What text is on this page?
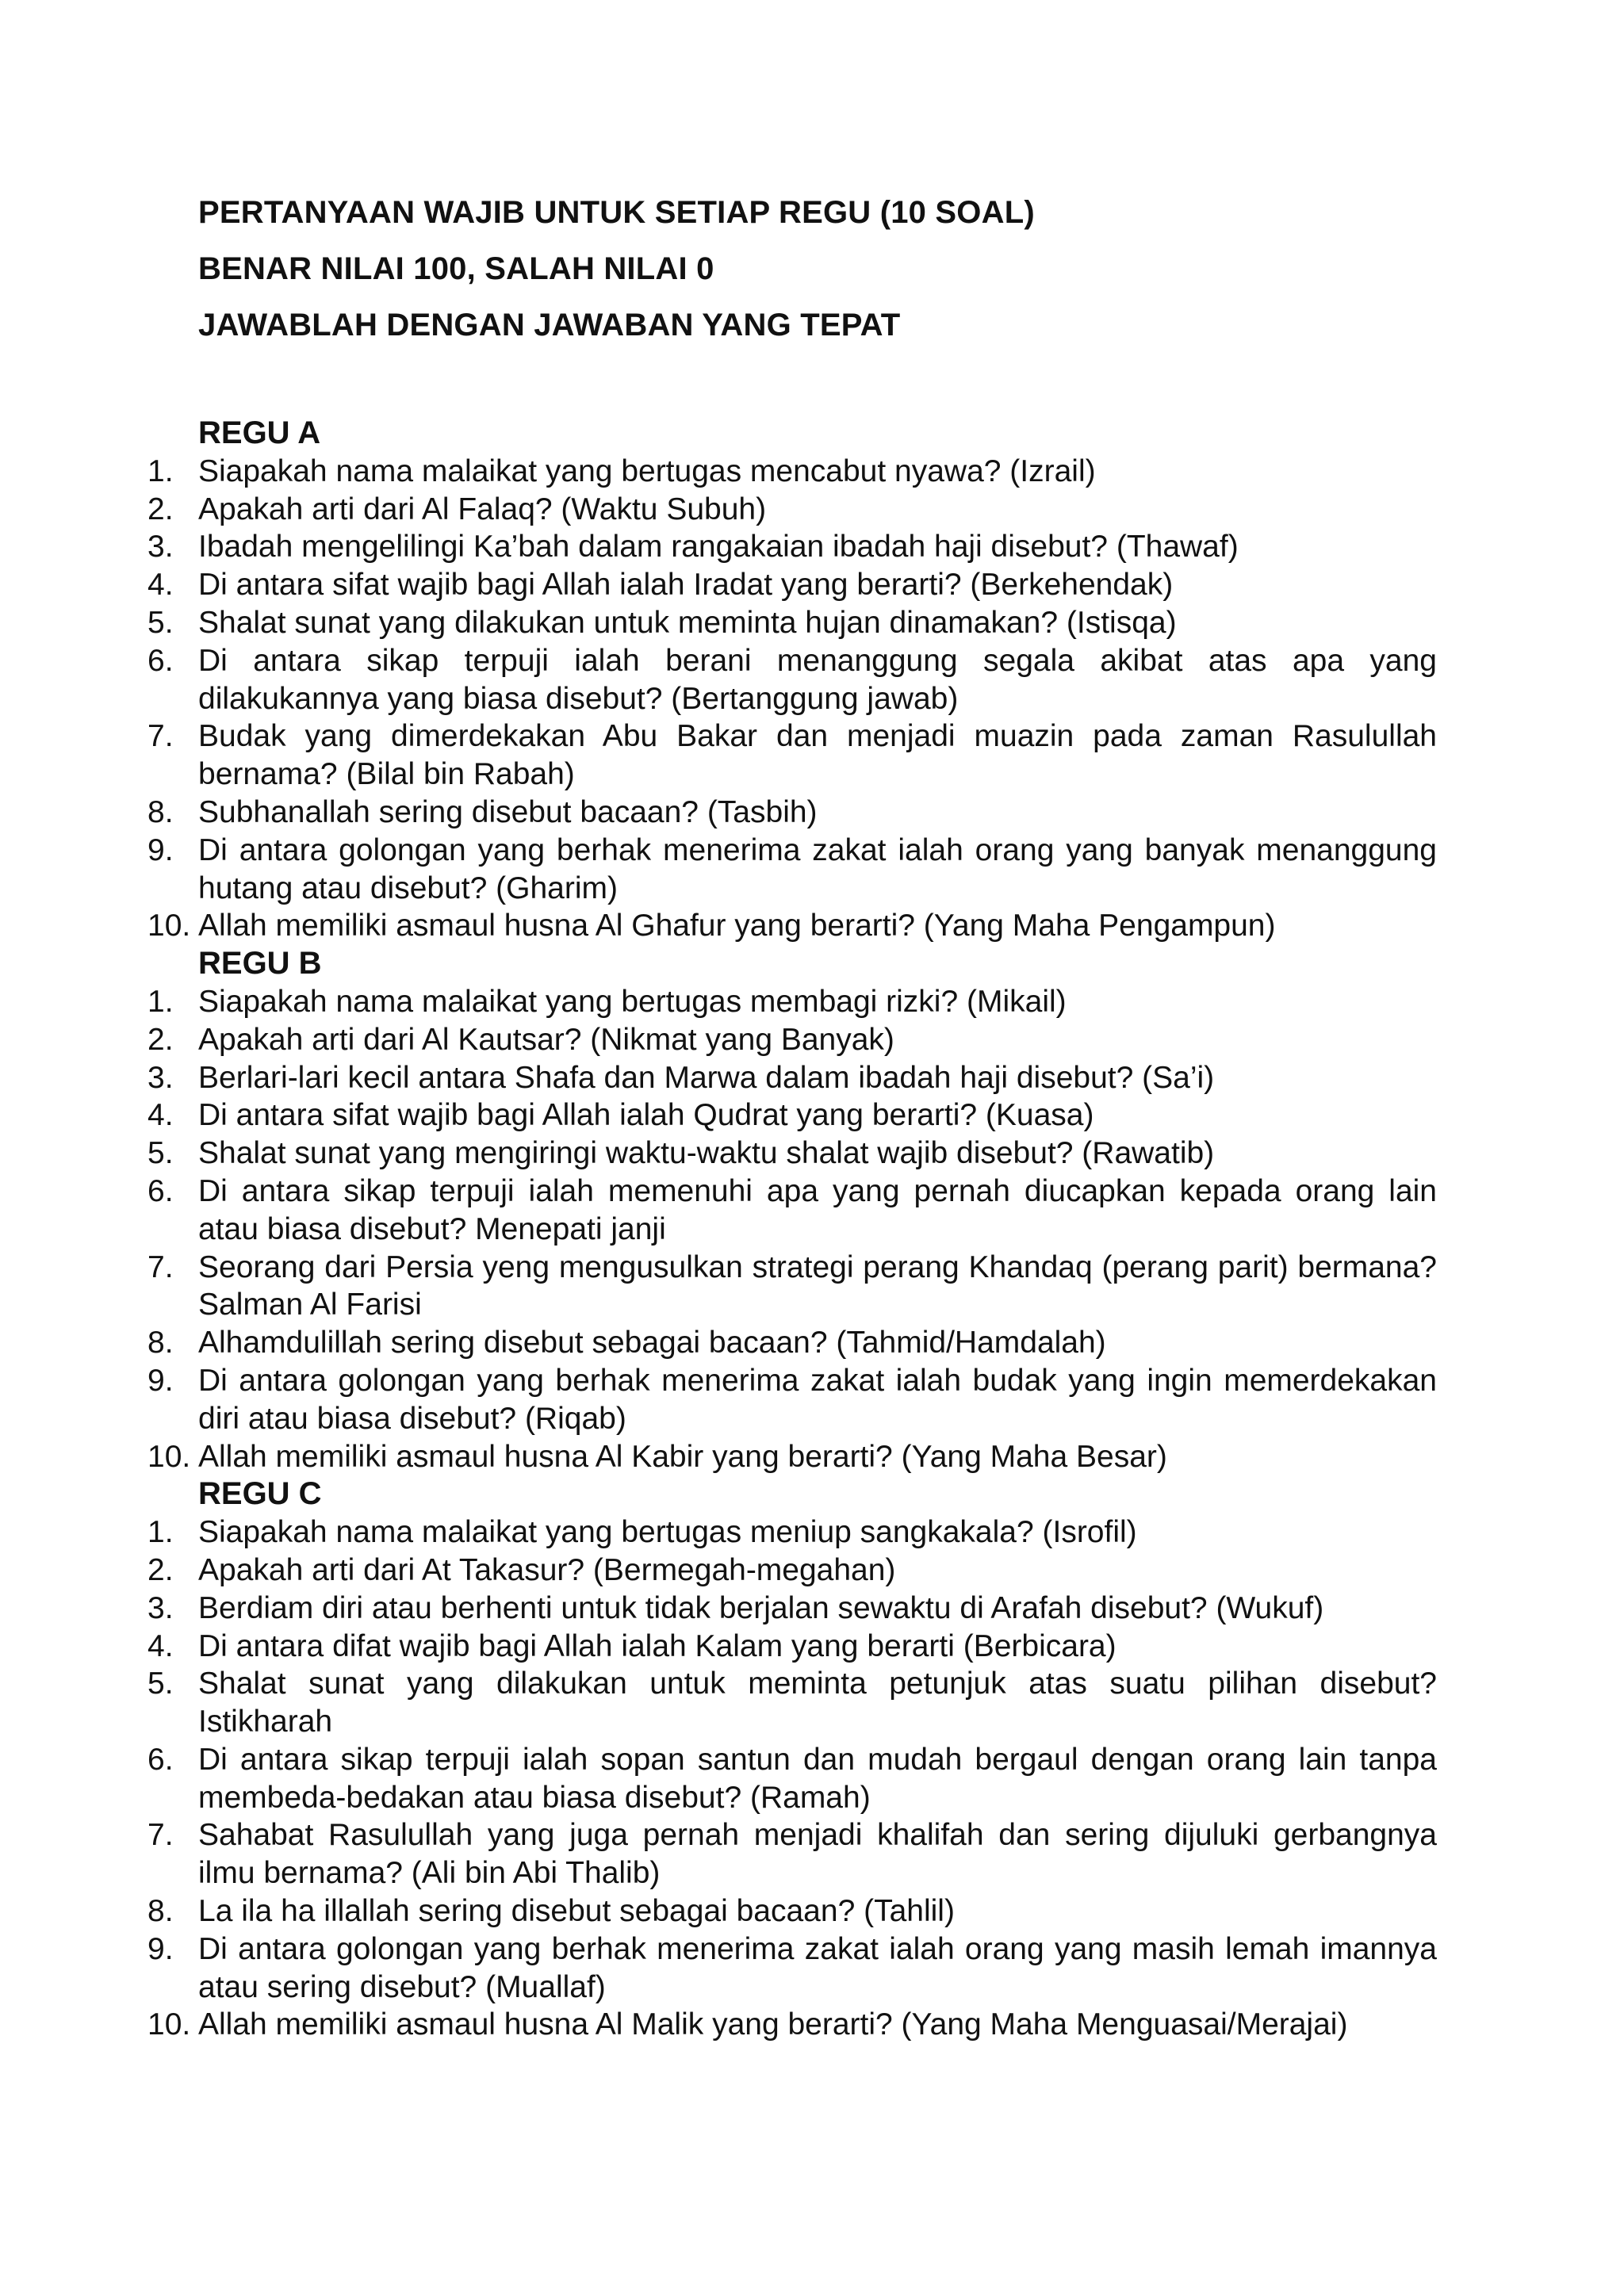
PERTANYAAN WAJIB UNTUK SETIAP REGU (10 SOAL)
BENAR NILAI 100, SALAH NILAI 0
JAWABLAH DENGAN JAWABAN YANG TEPAT
REGU A
1. Siapakah nama malaikat yang bertugas mencabut nyawa? (Izrail)
2. Apakah arti dari Al Falaq? (Waktu Subuh)
3. Ibadah mengelilingi Ka’bah dalam rangakaian ibadah haji disebut? (Thawaf)
4. Di antara sifat wajib bagi Allah ialah Iradat yang berarti? (Berkehendak)
5. Shalat sunat yang dilakukan untuk meminta hujan dinamakan? (Istisqa)
6. Di antara sikap terpuji ialah berani menanggung segala akibat atas apa yang dilakukannya yang biasa disebut? (Bertanggung jawab)
7. Budak yang dimerdekakan Abu Bakar dan menjadi muazin pada zaman Rasulullah bernama? (Bilal bin Rabah)
8. Subhanallah sering disebut bacaan? (Tasbih)
9. Di antara golongan yang berhak menerima zakat ialah orang yang banyak menanggung hutang atau disebut? (Gharim)
10. Allah memiliki asmaul husna Al Ghafur yang berarti? (Yang Maha Pengampun)
REGU B
1. Siapakah nama malaikat yang bertugas membagi rizki? (Mikail)
2. Apakah arti dari Al Kautsar? (Nikmat yang Banyak)
3. Berlari-lari kecil antara Shafa dan Marwa dalam ibadah haji disebut? (Sa’i)
4. Di antara sifat wajib bagi Allah ialah Qudrat yang berarti? (Kuasa)
5. Shalat sunat yang mengiringi waktu-waktu shalat wajib disebut? (Rawatib)
6. Di antara sikap terpuji ialah memenuhi apa yang pernah diucapkan kepada orang lain atau biasa disebut? Menepati janji
7. Seorang dari Persia yeng mengusulkan strategi perang Khandaq (perang parit) bermana? Salman Al Farisi
8. Alhamdulillah sering disebut sebagai bacaan? (Tahmid/Hamdalah)
9. Di antara golongan yang berhak menerima zakat ialah budak yang ingin memerdekakan diri atau biasa disebut? (Riqab)
10. Allah memiliki asmaul husna Al Kabir yang berarti? (Yang Maha Besar)
REGU C
1. Siapakah nama malaikat yang bertugas meniup sangkakala? (Isrofil)
2. Apakah arti dari At Takasur? (Bermegah-megahan)
3. Berdiam diri atau berhenti untuk tidak berjalan sewaktu di Arafah disebut? (Wukuf)
4. Di antara difat wajib bagi Allah ialah Kalam yang berarti (Berbicara)
5. Shalat sunat yang dilakukan untuk meminta petunjuk atas suatu pilihan disebut? Istikharah
6. Di antara sikap terpuji ialah sopan santun dan mudah bergaul dengan orang lain tanpa membeda-bedakan atau biasa disebut? (Ramah)
7. Sahabat Rasulullah yang juga pernah menjadi khalifah dan sering dijuluki gerbangnya ilmu bernama? (Ali bin Abi Thalib)
8. La ila ha illallah sering disebut sebagai bacaan? (Tahlil)
9. Di antara golongan yang berhak menerima zakat ialah orang yang masih lemah imannya atau sering disebut? (Muallaf)
10. Allah memiliki asmaul husna Al Malik yang berarti? (Yang Maha Menguasai/Merajai)
